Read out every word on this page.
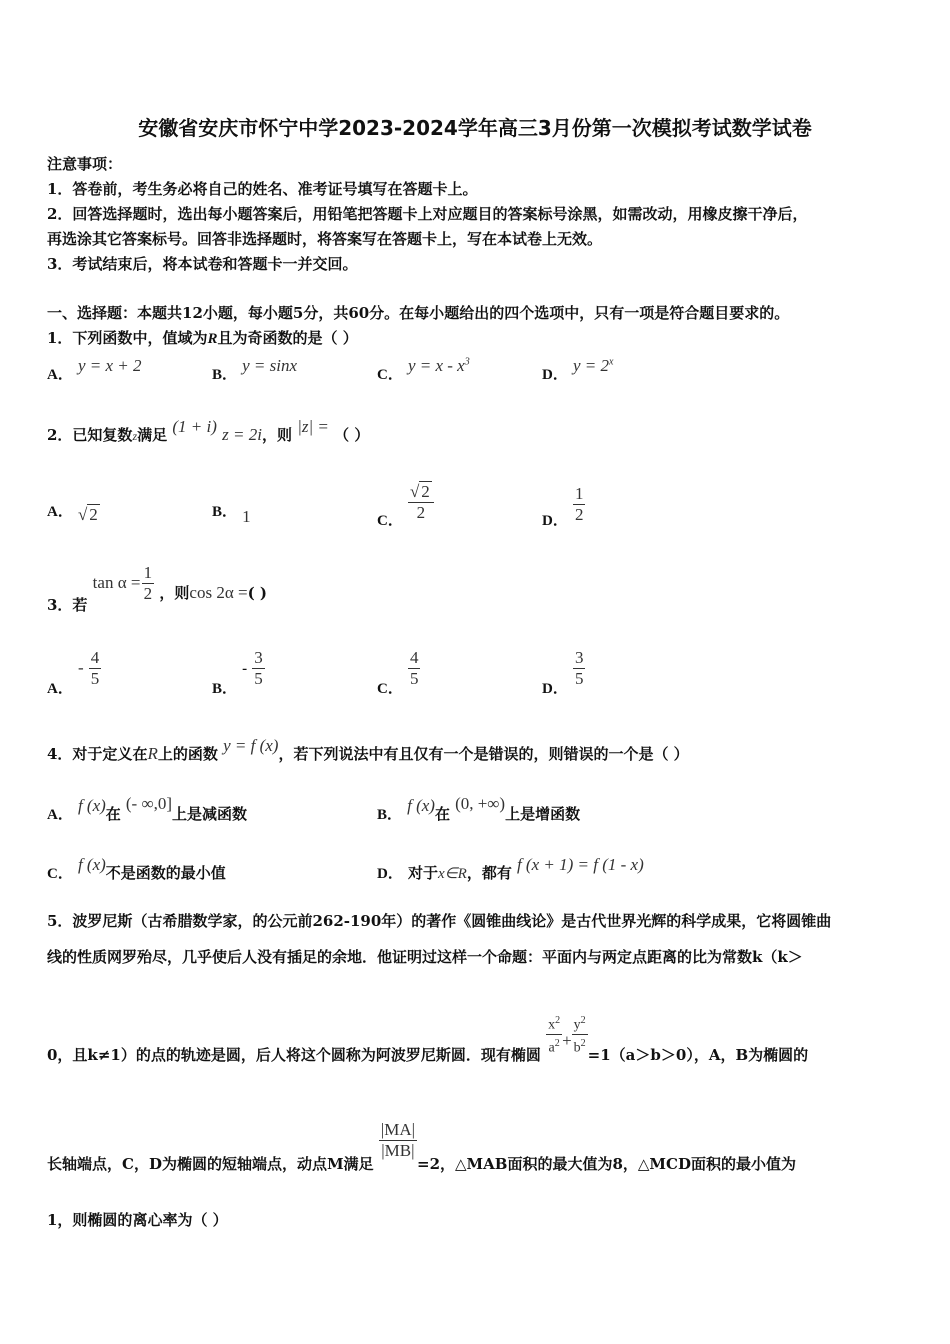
安徽省安庆市怀宁中学2023-2024学年高三3月份第一次模拟考试数学试卷
注意事项：
1．答卷前，考生务必将自己的姓名、准考证号填写在答题卡上。
2．回答选择题时，选出每小题答案后，用铅笔把答题卡上对应题目的答案标号涂黑，如需改动，用橡皮擦干净后，
再选涂其它答案标号。回答非选择题时，将答案写在答题卡上，写在本试卷上无效。
3．考试结束后，将本试卷和答题卡一并交回。
一、选择题：本题共12小题，每小题5分，共60分。在每小题给出的四个选项中，只有一项是符合题目要求的。
1．下列函数中，值域为R且为奇函数的是（ ）
A． y = x + 2	B． y = sinx	C． $y = x - x^3$
D． $y = 2^x$
2．已知复数z满足 (1 + i) z = 2i，则 |z| = （ ）
A． √ 2	B． 1	C． $\frac{√ 2}{2}$	D． $\frac{1}{2}$
3．若 $\tan \alpha = \frac{1}{2}$ ，则cos 2α =( )
A． - $\frac{4}{5}$	B． - $\frac{3}{5}$	C． $\frac{4}{5}$	D． $\frac{3}{5}$
4．对于定义在R上的函数 y = f (x)，若下列说法中有且仅有一个是错误的，则错误的一个是（ ）
A． f (x)在 (- ∞,0]上是减函数	B． f (x)在 (0, +∞)上是增函数
C． f (x)不是函数的最小值	D． 对于x∈R，都有 f (x + 1) = f (1 - x)
5．波罗尼斯（古希腊数学家，的公元前262-190年）的著作《圆锥曲线论》是古代世界光辉的科学成果，它将圆锥曲
线的性质网罗殆尽，几乎使后人没有插足的余地．他证明过这样一个命题：平面内与两定点距离的比为常数k（k＞
0，且k≠1）的点的轨迹是圆，后人将这个圆称为阿波罗尼斯圆．现有椭圆 $\frac{x^2}{a^2} + \frac{y^2}{b^2} =1(a>b>0)$，A，B为椭圆的
长轴端点，C，D为椭圆的短轴端点，动点M满足
$\frac{|MA|}{|MB|}$
=2，△MAB面积的最大值为8，△MCD面积的最小值为
1，则椭圆的离心率为（ ）
